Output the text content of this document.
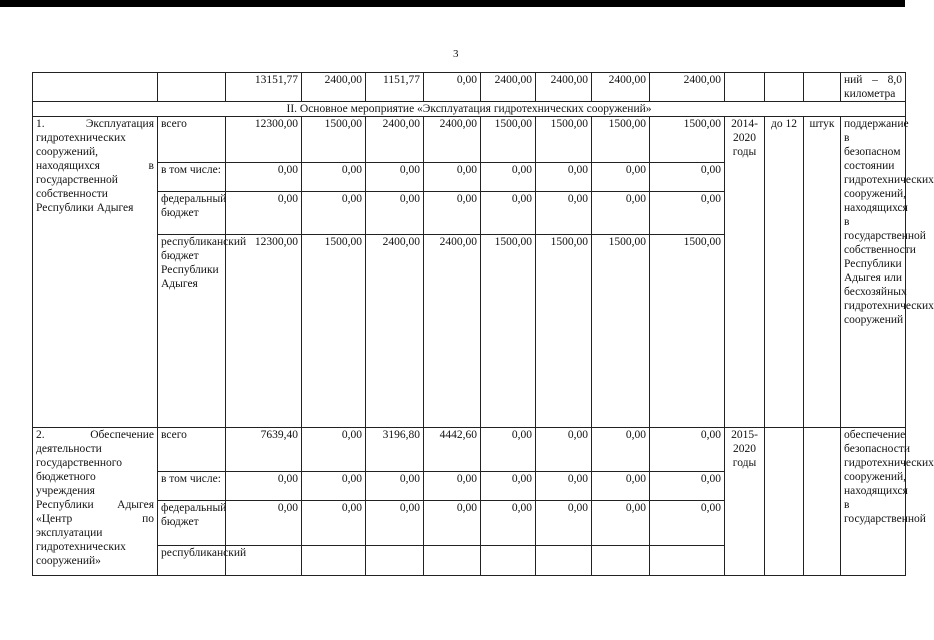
3
		13151,77	2400,00	1151,77	0,00	2400,00	2400,00	2400,00	2400,00				ний – 8,0 километра
II. Основное мероприятие «Эксплуатация гидротехнических сооружений»													
1. Эксплуатация гидротехнических сооружений, находящихся в государственной собственности Республики Адыгея	всего	12300,00	1500,00	2400,00	2400,00	1500,00	1500,00	1500,00	1500,00	2014-2020 годы	до 12	штук	поддержание в безопасном состоянии гидротехнических сооружений, находящихся в государственной собственности Республики Адыгея или бесхозяйных гидротехнических сооружений
	в том числе:	0,00	0,00	0,00	0,00	0,00	0,00	0,00	0,00				
	федеральный бюджет	0,00	0,00	0,00	0,00	0,00	0,00	0,00	0,00				
	республиканский бюджет Республики Адыгея	12300,00	1500,00	2400,00	2400,00	1500,00	1500,00	1500,00	1500,00				
2. Обеспечение деятельности государственного бюджетного учреждения Республики Адыгея «Центр по эксплуатации гидротехнических сооружений»	всего	7639,40	0,00	3196,80	4442,60	0,00	0,00	0,00	0,00	2015-2020 годы			обеспечение безопасности гидротехнических сооружений, находящихся в государственной
	в том числе:	0,00	0,00	0,00	0,00	0,00	0,00	0,00	0,00				
	федеральный бюджет	0,00	0,00	0,00	0,00	0,00	0,00	0,00	0,00				
	республиканский												
